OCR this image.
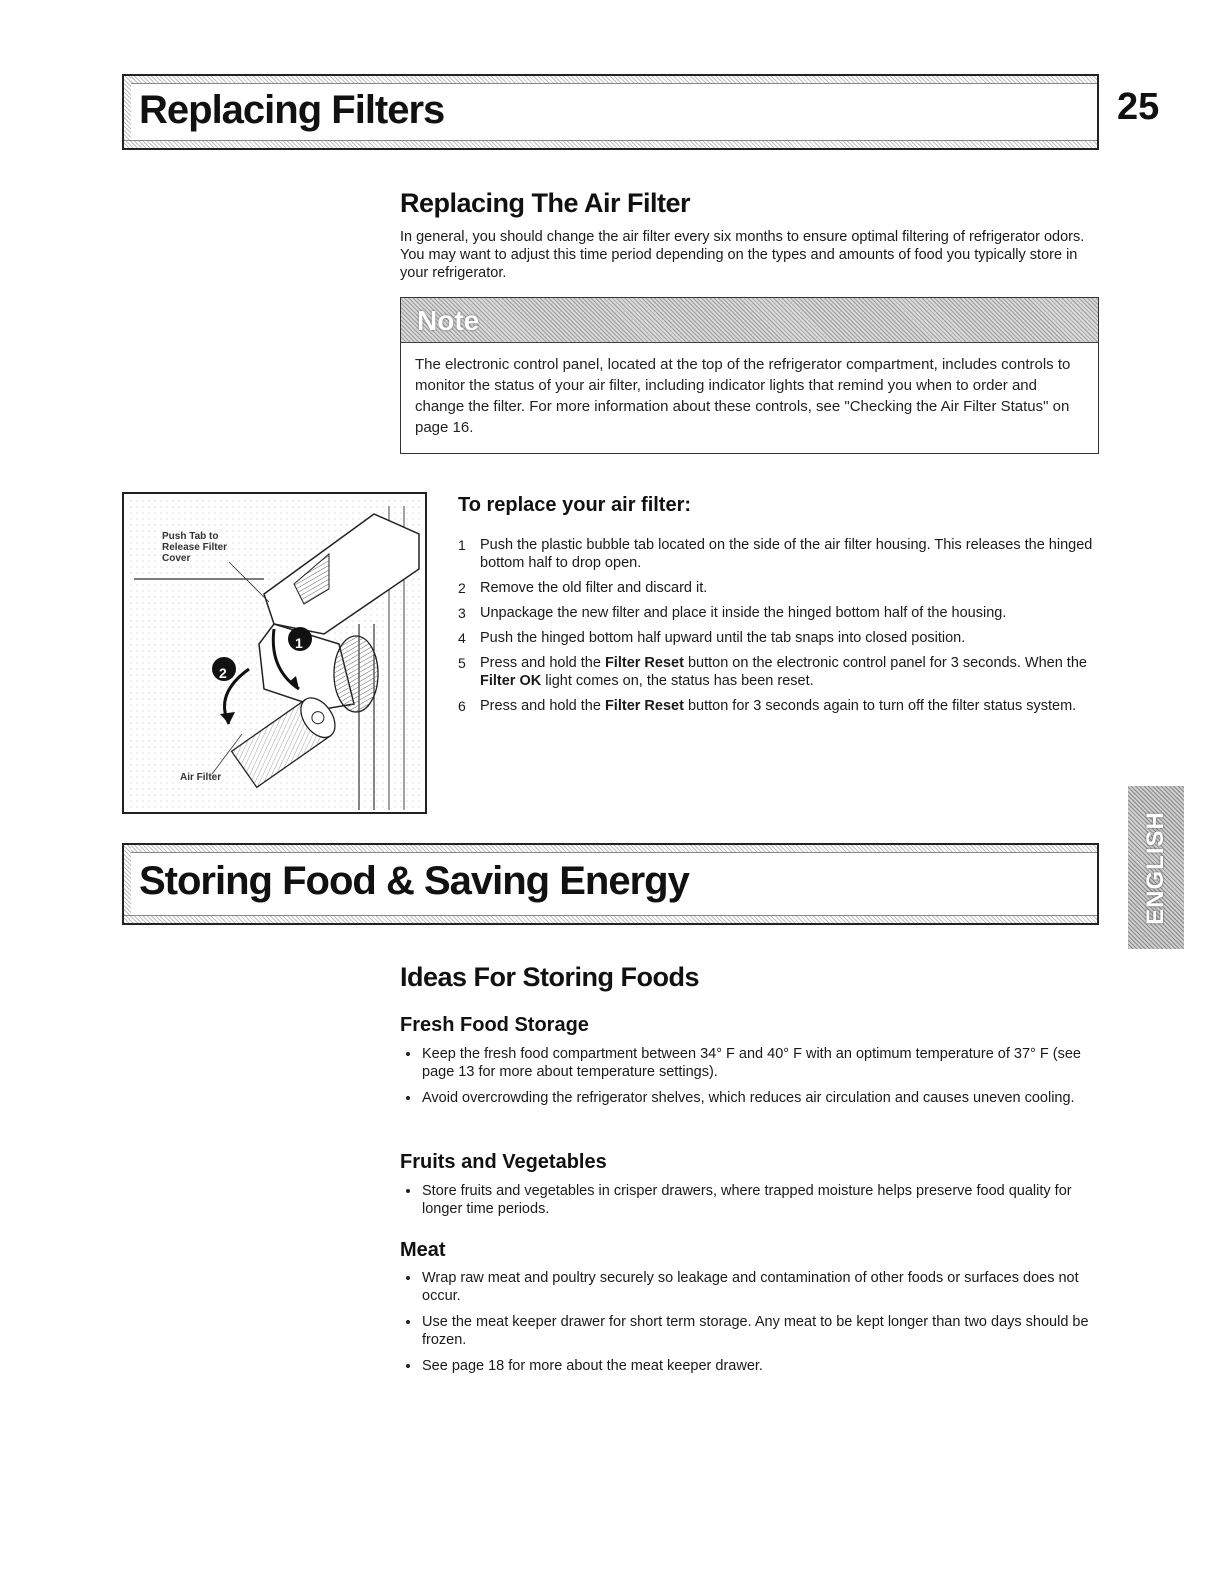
Replacing Filters	25
Replacing The Air Filter
In general, you should change the air filter every six months to ensure optimal filtering of refrigerator odors. You may want to adjust this time period depending on the types and amounts of food you typically store in your refrigerator.
Note
The electronic control panel, located at the top of the refrigerator compartment, includes controls to monitor the status of your air filter, including indicator lights that remind you when to order and change the filter. For more information about these controls, see "Checking the Air Filter Status" on page 16.
Push Tab to Release Filter Cover
Air Filter
1
2
To replace your air filter:
1 Push the plastic bubble tab located on the side of the air filter housing. This releases the hinged bottom half to drop open.
2 Remove the old filter and discard it.
3 Unpackage the new filter and place it inside the hinged bottom half of the housing.
4 Push the hinged bottom half upward until the tab snaps into closed position.
5 Press and hold the Filter Reset button on the electronic control panel for 3 seconds. When the Filter OK light comes on, the status has been reset.
6 Press and hold the Filter Reset button for 3 seconds again to turn off the filter status system.
ENGLISH
Storing Food & Saving Energy
Ideas For Storing Foods
Fresh Food Storage
Keep the fresh food compartment between 34° F and 40° F with an optimum temperature of 37° F (see page 13 for more about temperature settings).
Avoid overcrowding the refrigerator shelves, which reduces air circulation and causes uneven cooling.
Fruits and Vegetables
Store fruits and vegetables in crisper drawers, where trapped moisture helps preserve food quality for longer time periods.
Meat
Wrap raw meat and poultry securely so leakage and contamination of other foods or surfaces does not occur.
Use the meat keeper drawer for short term storage. Any meat to be kept longer than two days should be frozen.
See page 18 for more about the meat keeper drawer.
